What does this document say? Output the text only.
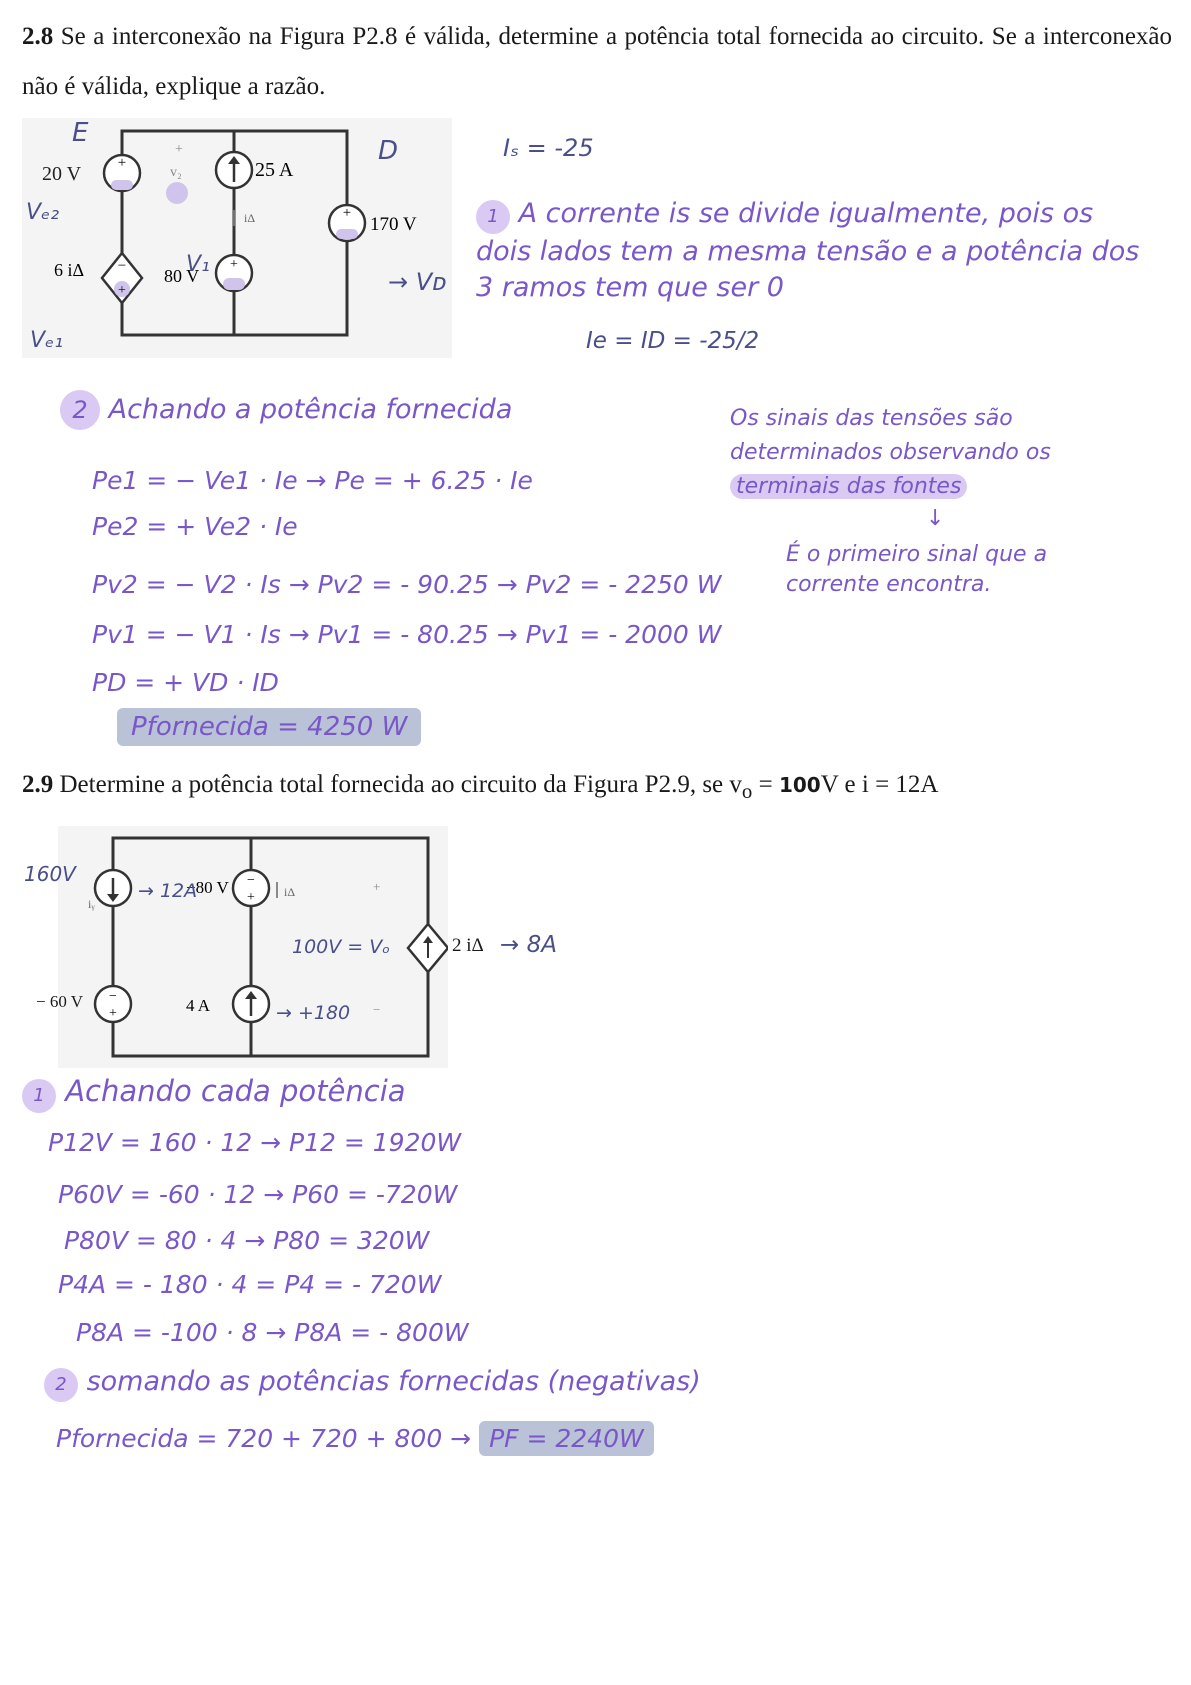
2.8 Se a interconexão na Figura P2.8 é válida, determine a potência total fornecida ao circuito. Se a interconexão não é válida, explique a razão.
+
20 V
−
+
6 iΔ
+
v₂	25 A
iΔ
+
80 V
+
170 V
E
Vₑ₂
Vₑ₁
V₁
D
→ Vᴅ
Iₛ = -25
1 A corrente is se divide igualmente, pois os dois lados tem a mesma tensão e a potência dos 3 ramos tem que ser 0
Ie = ID = -25/2
2 Achando a potência fornecida
Pe1 = − Ve1 · Ie → Pe = + 6.25 · Ie
Pe2 = + Ve2 · Ie
Pv2 = − V2 · Is → Pv2 = - 90.25 → Pv2 = - 2250 W
Pv1 = − V1 · Is → Pv1 = - 80.25 → Pv1 = - 2000 W
PD = + VD · ID
Pfornecida = 4250 W
Os sinais das tensões são determinados observando os terminais das fontes
↓
É o primeiro sinal que a corrente encontra.
2.9 Determine a potência total fornecida ao circuito da Figura P2.9, se $v_o = 100V$ e i = 12A
iᵧ
−
+
−
+
−80 V	iΔ
4 A
+
−
2 iΔ
− 60 V
160V
→ 12A
100V = Vₒ	→ 8A
→ +180
1 Achando cada potência
P12V = 160 · 12 → P12 = 1920W
P60V = -60 · 12 → P60 = -720W
P80V = 80 · 4 → P80 = 320W
P4A = - 180 · 4 = P4 = - 720W
P8A = -100 · 8 → P8A = - 800W
2 somando as potências fornecidas (negativas)
Pfornecida = 720 + 720 + 800 → PF = 2240W
